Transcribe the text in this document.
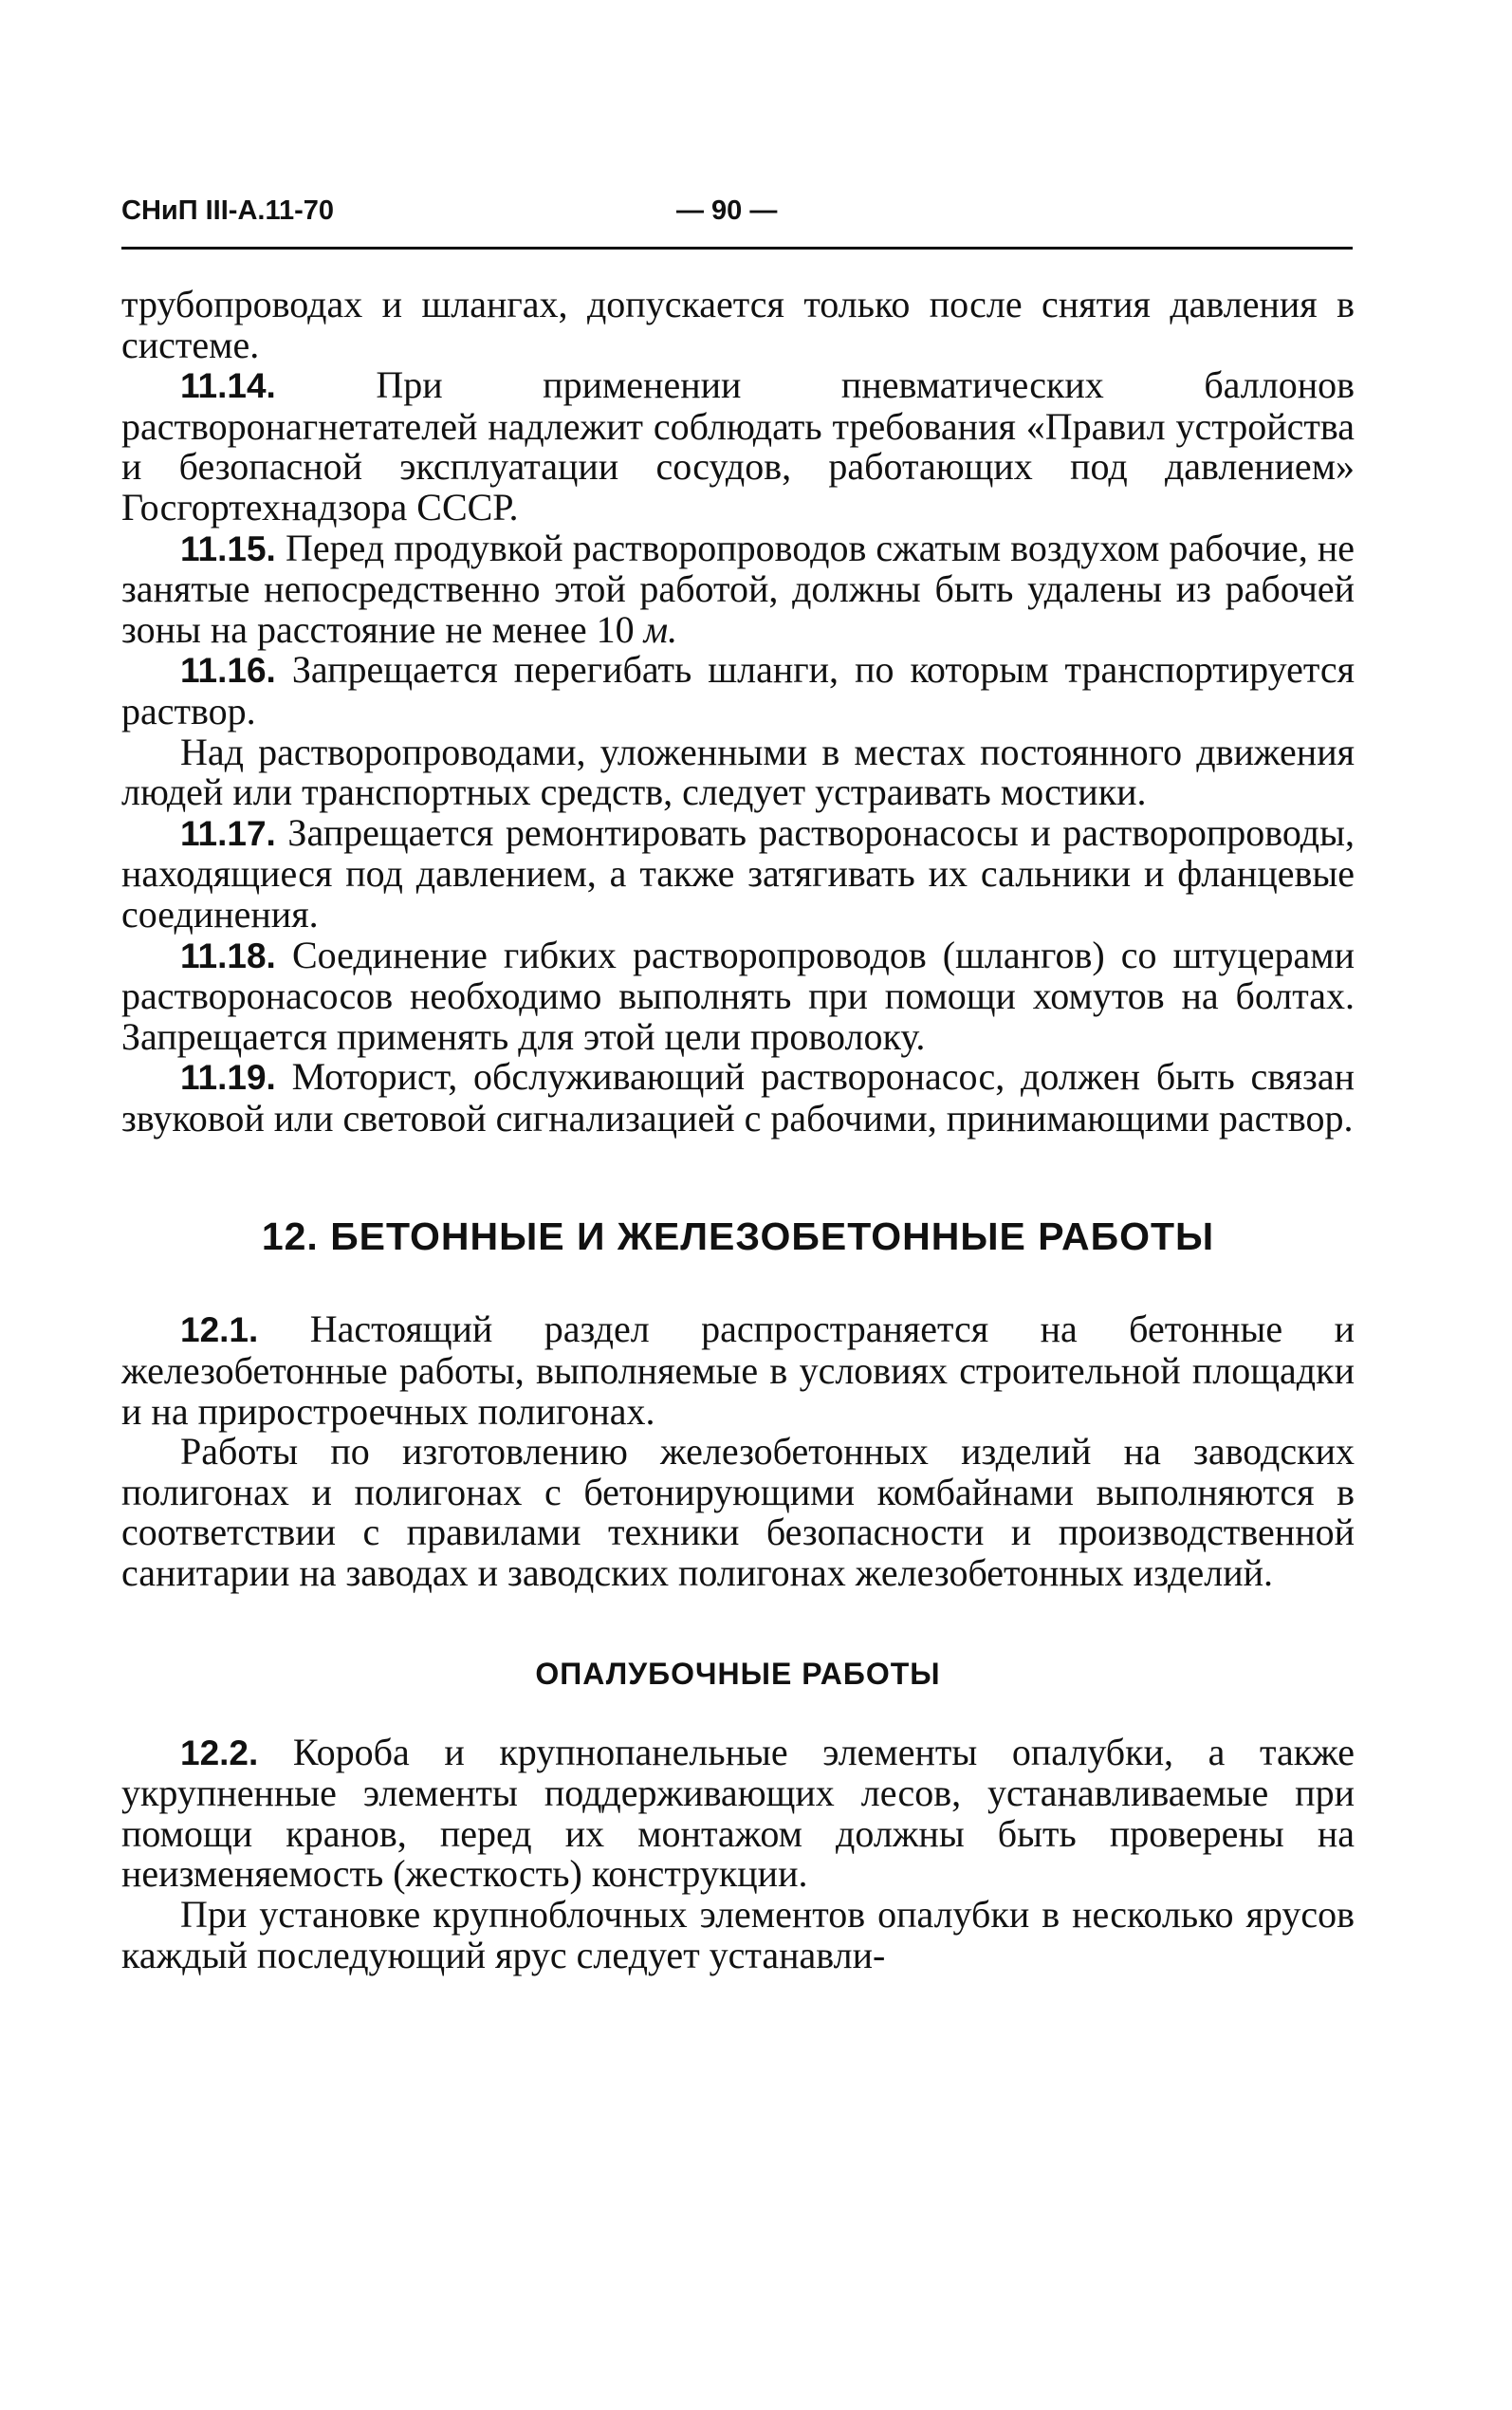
СНиП III-А.11-70	— 90 —

трубопроводах и шлангах, допускается только после снятия давления в системе.

11.14.	При применении пневматических баллонов растворонагнетателей надлежит соблюдать требования «Правил устройства и безопасной эксплуатации сосудов, работающих под давлением» Госгортехнадзора СССР.

11.15. Перед продувкой растворопроводов сжатым воздухом рабочие, не занятые непосредственно этой работой, должны быть удалены из рабочей зоны на расстояние не менее 10 м.

11.16. Запрещается перегибать шланги, по которым транспортируется раствор.

Над растворопроводами, уложенными в местах постоянного движения людей или транспортных средств, следует устраивать мостики.

11.17. Запрещается ремонтировать растворонасосы и растворопроводы, находящиеся под давлением, а также затягивать их сальники и фланцевые соединения.

11.18. Соединение гибких растворопроводов (шлангов) со штуцерами растворонасосов необходимо выполнять при помощи хомутов на болтах. Запрещается применять для этой цели проволоку.

11.19. Моторист, обслуживающий растворонасос, должен быть связан звуковой или световой сигнализацией с рабочими, принимающими раствор.

12. БЕТОННЫЕ И ЖЕЛЕЗОБЕТОННЫЕ РАБОТЫ

12.1. Настоящий раздел распространяется на бетонные и железобетонные работы, выполняемые в условиях строительной площадки и на приростроечных полигонах.

Работы по изготовлению железобетонных изделий на заводских полигонах и полигонах с бетонирующими комбайнами выполняются в соответствии с правилами техники безопасности и производственной санитарии на заводах и заводских полигонах железобетонных изделий.

ОПАЛУБОЧНЫЕ РАБОТЫ

12.2. Короба и крупнопанельные элементы опалубки, а также укрупненные элементы поддерживающих лесов, устанавливаемые при помощи кранов, перед их монтажом должны быть проверены на неизменяемость (жесткость) конструкции.

При установке крупноблочных элементов опалубки в несколько ярусов каждый последующий ярус следует устанавли-
